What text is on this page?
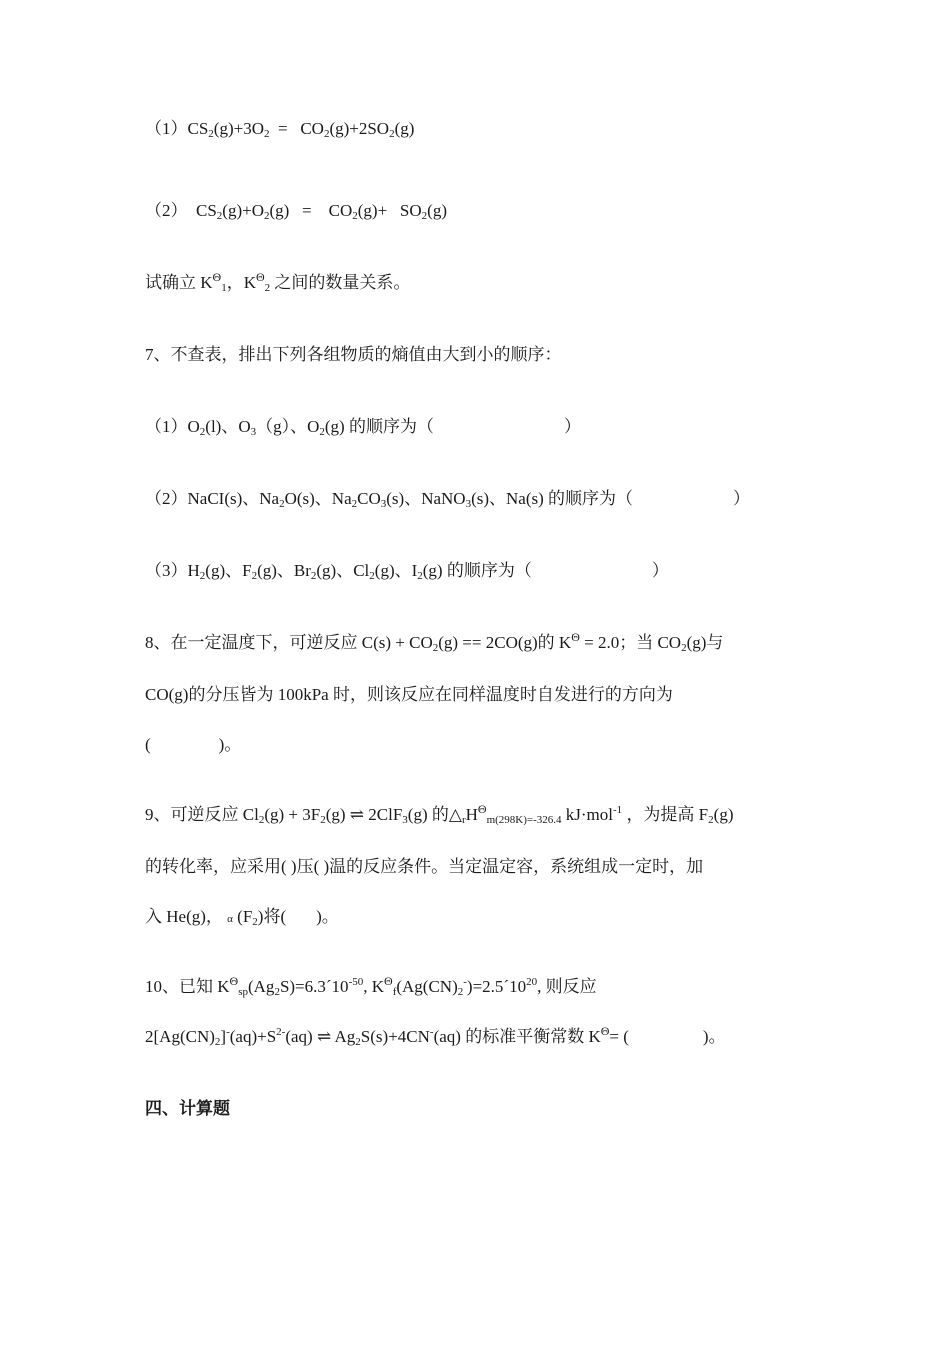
$(1)CS_2(g)+3O_2 = CO_2(g)+2SO_2(g)$
（2）  $CS_2(g)+O_2(g)$   =    $CO_2(g)+ SO_2(g)$
试确立 $K^\Theta_1$，$K^\Theta_2$ 之间的数量关系。
7、不查表，排出下列各组物质的熵值由大到小的顺序：
$(1)O_2(l)$、$O_3(g)$、$O_2(g)$ 的顺序为（	）
（2）NaCI(s)、$Na_2O(s)$、$Na_2CO_3(s)$、NaNO$_3$(s)、Na(s) 的顺序为（	）
$(3)H_2(g)$、$F_2(g)$、$Br_2(g)$、$Cl_2(g)$、$I_2(g)$ 的顺序为（	）
8、在一定温度下，可逆反应 $C(s) + CO_2(g) == 2CO(g)$的 $K^\Theta = 2.0$；当 $CO_2(g)$与
CO(g)的分压皆为 100kPa 时，则该反应在同样温度时自发进行的方向为
(　　　　)。
9、可逆反应 $Cl_2(g) + 3F_2(g)$ ⇌ 2ClF$_3$(g) 的$\triangle_rH^\Theta_{m(298K)=-326.4}$ kJ·mol$^{-1}$ ，为提高 $F_2(g)$
的转化率，应采用( )压( )温的反应条件。当定温定容，系统组成一定时，加
入 He(g)， α $(F_2)$将( )。
10、已知 $K^\Theta_{sp}(Ag_2S)=6.3´10^{-50}$, $K^\Theta_f(Ag(CN)_2^-)=2.5´10^{20}$, 则反应
$2[Ag(CN)_2]^-(aq)+S^{2-}(aq)$ ⇌ $Ag_2S(s)+4CN^-(aq)$ 的标准平衡常数 $K^\Theta=$ (	)。
四、计算题
